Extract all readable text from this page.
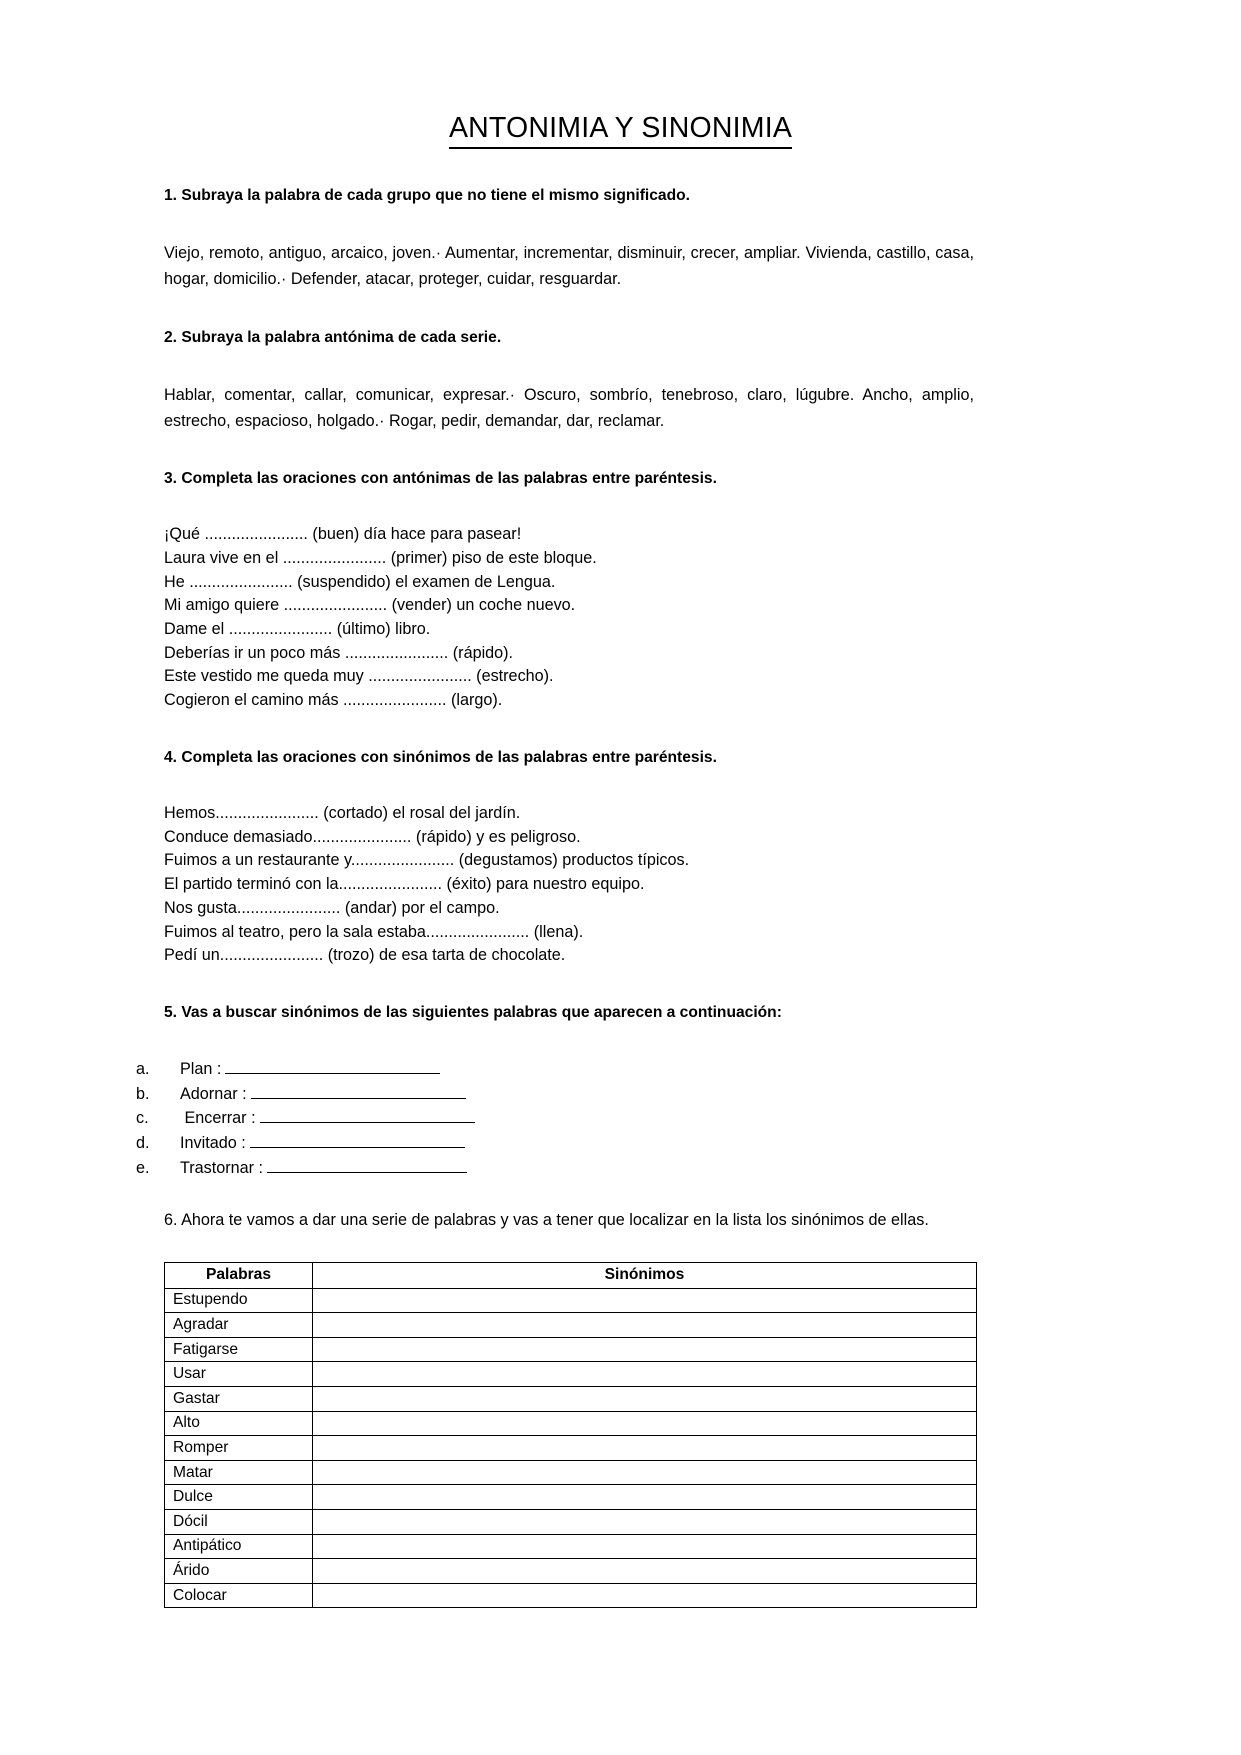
ANTONIMIA Y SINONIMIA

1. Subraya la palabra de cada grupo que no tiene el mismo significado.

Viejo, remoto, antiguo, arcaico, joven.· Aumentar, incrementar, disminuir, crecer, ampliar. Vivienda, castillo, casa, hogar, domicilio.· Defender, atacar, proteger, cuidar, resguardar.

2. Subraya la palabra antónima de cada serie.

Hablar, comentar, callar, comunicar, expresar.· Oscuro, sombrío, tenebroso, claro, lúgubre. Ancho, amplio, estrecho, espacioso, holgado.· Rogar, pedir, demandar, dar, reclamar.

3. Completa las oraciones con antónimas de las palabras entre paréntesis.

¡Qué ....................... (buen) día hace para pasear!
Laura vive en el ....................... (primer) piso de este bloque.
He ....................... (suspendido) el examen de Lengua.
Mi amigo quiere ....................... (vender) un coche nuevo.
Dame el ....................... (último) libro.
Deberías ir un poco más ....................... (rápido).
Este vestido me queda muy ....................... (estrecho).
Cogieron el camino más ....................... (largo).

4. Completa las oraciones con sinónimos de las palabras entre paréntesis.

Hemos....................... (cortado) el rosal del jardín.
Conduce demasiado...................... (rápido) y es peligroso.
Fuimos a un restaurante y....................... (degustamos) productos típicos.
El partido terminó con la....................... (éxito) para nuestro equipo.
Nos gusta....................... (andar) por el campo.
Fuimos al teatro, pero la sala estaba....................... (llena).
Pedí un....................... (trozo) de esa tarta de chocolate.

5. Vas a buscar sinónimos de las siguientes palabras que aparecen a continuación:

a.	Plan :
b.	Adornar :
c.	Encerrar :
d.	Invitado :
e.	Trastornar :

6. Ahora te vamos a dar una serie de palabras y vas a tener que localizar en la lista los sinónimos de ellas.

Palabras	Sinónimos
Estupendo	
Agradar	
Fatigarse	
Usar	
Gastar	
Alto	
Romper	
Matar	
Dulce	
Dócil	
Antipático	
Árido	
Colocar	
